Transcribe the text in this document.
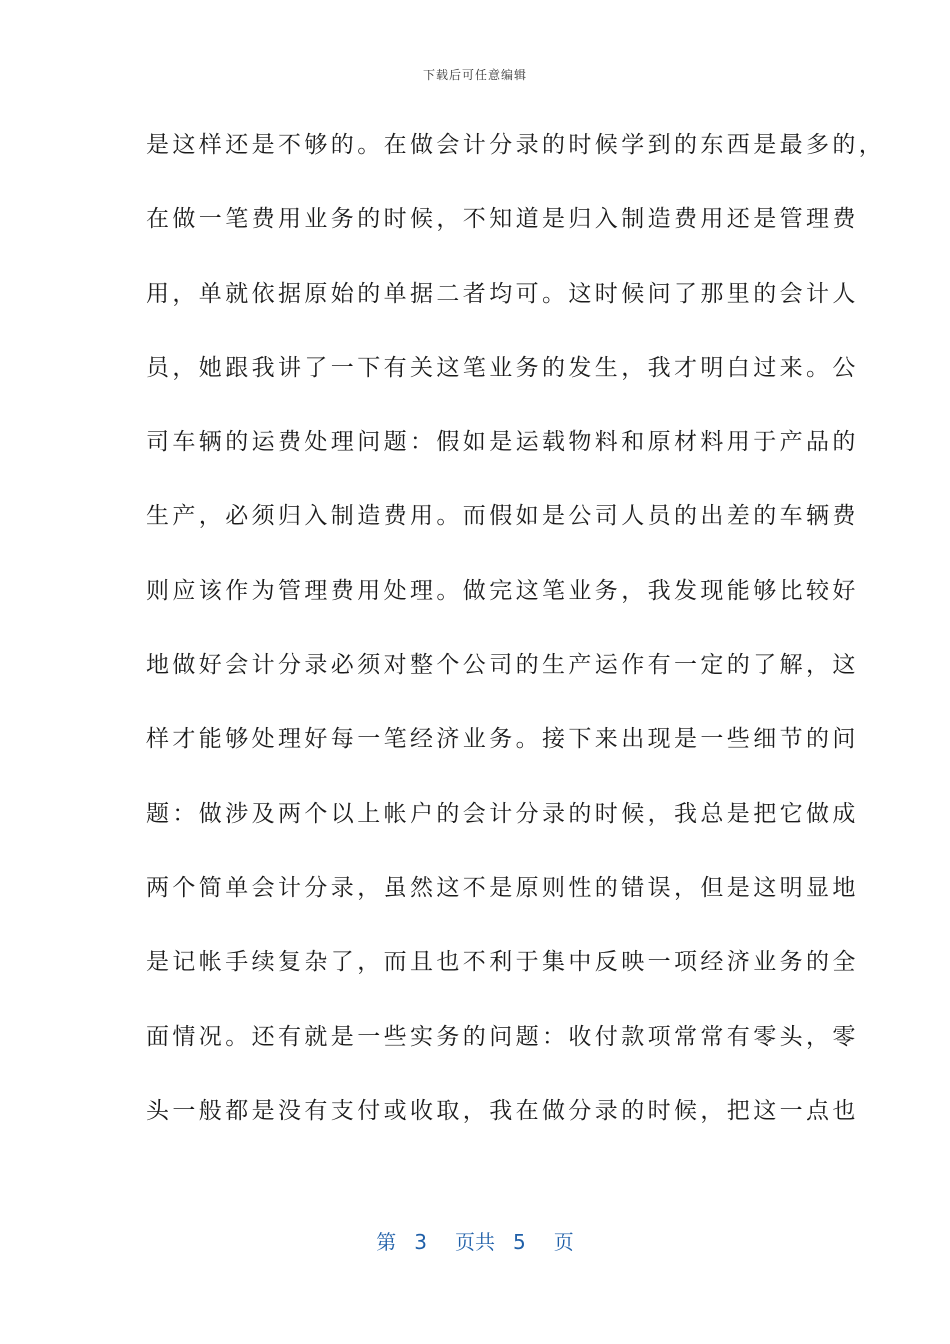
下载后可任意编辑
是这样还是不够的。在做会计分录的时候学到的东西是最多的，
在做一笔费用业务的时候，不知道是归入制造费用还是管理费
用，单就依据原始的单据二者均可。这时候问了那里的会计人
员，她跟我讲了一下有关这笔业务的发生，我才明白过来。公
司车辆的运费处理问题：假如是运载物料和原材料用于产品的
生产，必须归入制造费用。而假如是公司人员的出差的车辆费
则应该作为管理费用处理。做完这笔业务，我发现能够比较好
地做好会计分录必须对整个公司的生产运作有一定的了解，这
样才能够处理好每一笔经济业务。接下来出现是一些细节的问
题：做涉及两个以上帐户的会计分录的时候，我总是把它做成
两个简单会计分录，虽然这不是原则性的错误，但是这明显地
是记帐手续复杂了，而且也不利于集中反映一项经济业务的全
面情况。还有就是一些实务的问题：收付款项常常有零头，零
头一般都是没有支付或收取，我在做分录的时候，把这一点也
第 3 页共 5 页
